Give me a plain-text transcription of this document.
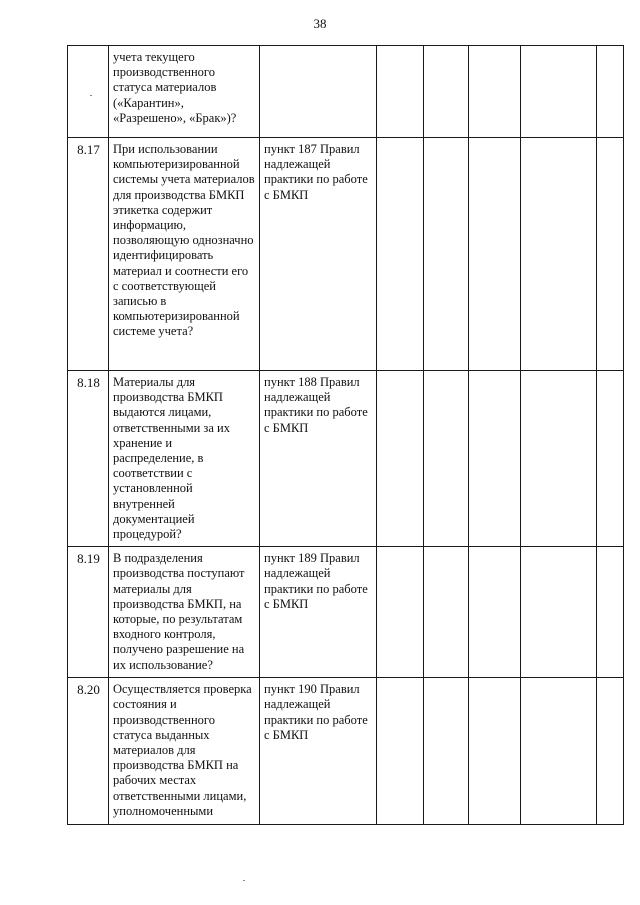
38

	учета текущего производственного статуса материалов («Карантин», «Разрешено», «Брак»)?						

8.17	При использовании компьютеризированной системы учета материалов для производства БМКП этикетка содержит информацию, позволяющую однозначно идентифицировать материал и соотнести его с соответствующей записью в компьютеризированной системе учета?	пункт 187 Правил надлежащей практики по работе с БМКП					

8.18	Материалы для производства БМКП выдаются лицами, ответственными за их хранение и распределение, в соответствии с установленной внутренней документацией процедурой?	пункт 188 Правил надлежащей практики по работе с БМКП					

8.19	В подразделения производства поступают материалы для производства БМКП, на которые, по результатам входного контроля, получено разрешение на их использование?	пункт 189 Правил надлежащей практики по работе с БМКП					

8.20	Осуществляется проверка состояния и производственного статуса выданных материалов для производства БМКП на рабочих местах ответственными лицами, уполномоченными	пункт 190 Правил надлежащей практики по работе с БМКП					
